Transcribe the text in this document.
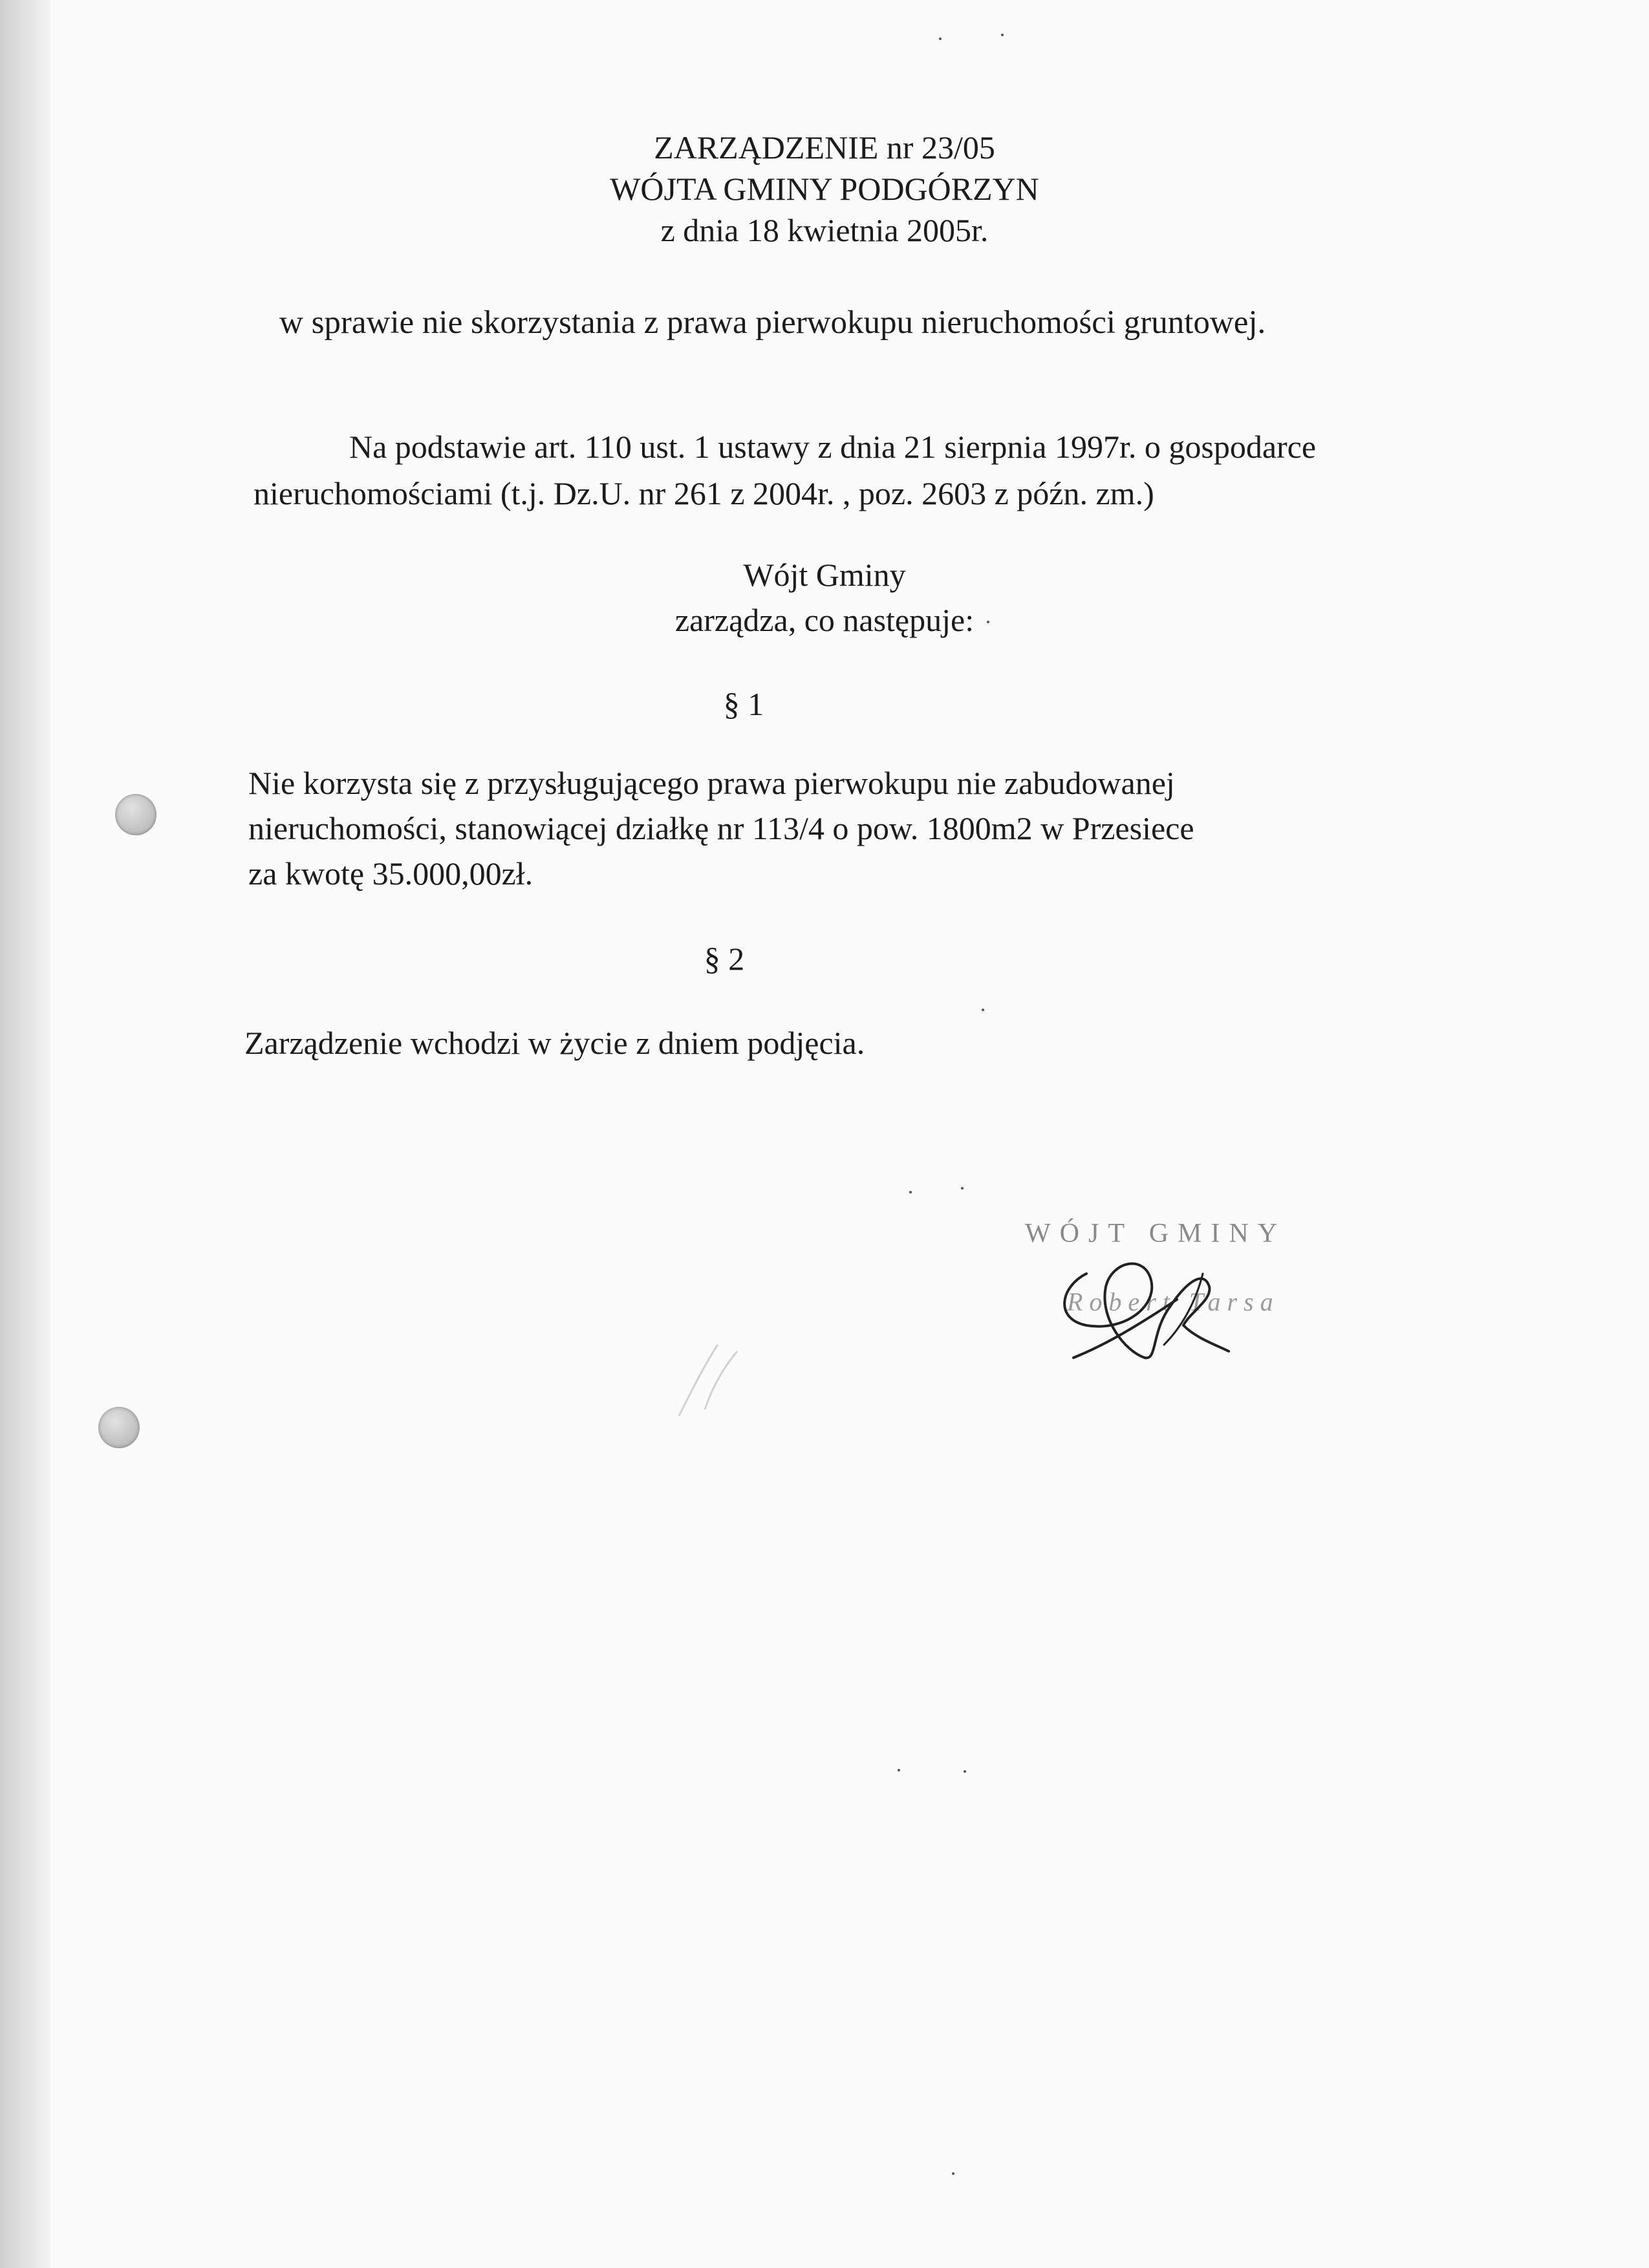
ZARZĄDZENIE nr 23/05
WÓJTA GMINY PODGÓRZYN
z dnia 18 kwietnia 2005r.
w sprawie nie skorzystania z prawa pierwokupu nieruchomości gruntowej.
Na podstawie art. 110 ust. 1 ustawy z dnia 21 sierpnia 1997r. o gospodarce
nieruchomościami (t.j. Dz.U. nr 261 z 2004r. , poz. 2603 z późn. zm.)
Wójt Gminy
zarządza, co następuje:
§ 1
Nie korzysta się z przysługującego prawa pierwokupu nie zabudowanej
nieruchomości, stanowiącej działkę nr 113/4 o pow. 1800m2 w Przesiece
za kwotę 35.000,00zł.
§ 2
Zarządzenie wchodzi w życie z dniem podjęcia.
WÓJT GMINY
Robert Tarsa
